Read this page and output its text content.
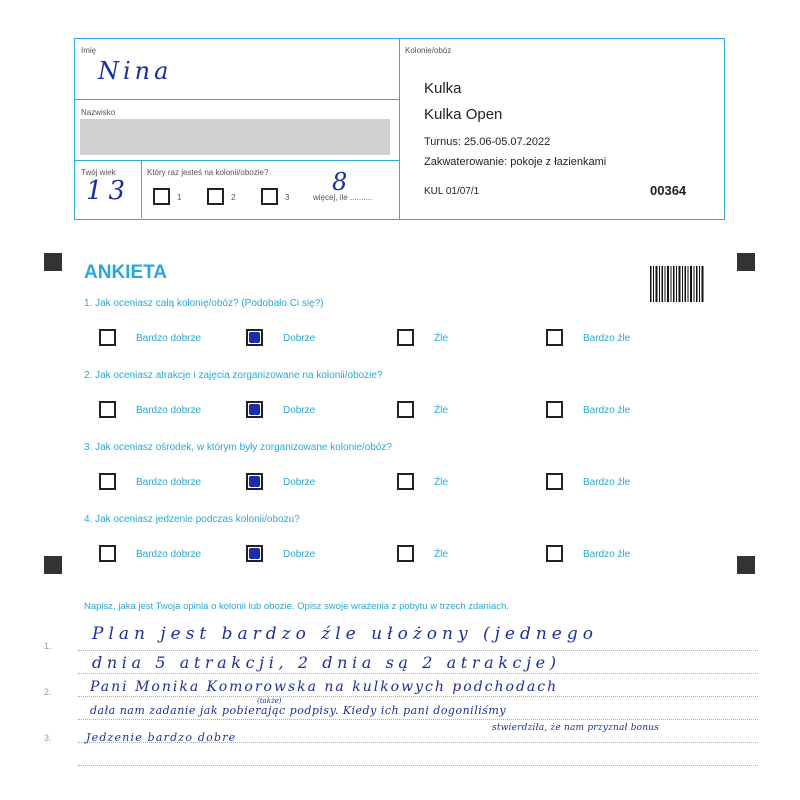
Imię
Nina
Nazwisko
Twój wiek
13
Który raz jesteś na kolonii/obozie?
1	2	3	więcej, ile ..........
8
Kolonie/obóz
Kulka
Kulka Open
Turnus: 25.06-05.07.2022
Zakwaterowanie: pokoje z łazienkami
KUL 01/07/1	00364
ANKIETA
1. Jak oceniasz całą kolonię/obóz? (Podobało Ci się?)
Bardzo dobrze	Dobrze	Źle	Bardzo źle
2. Jak oceniasz atrakcje i zajęcia zorganizowane na kolonii/obozie?
Bardzo dobrze	Dobrze	Źle	Bardzo źle
3. Jak oceniasz ośrodek, w którym były zorganizowane kolonie/obóz?
Bardzo dobrze	Dobrze	Źle	Bardzo źle
4. Jak oceniasz jedzenie podczas kolonii/obozu?
Bardzo dobrze	Dobrze	Źle	Bardzo źle
Napisz, jaka jest Twoja opinia o kolonii lub obozie. Opisz swoje wrażenia z pobytu w trzech zdaniach.
1.
2.
3.
Plan jest bardzo źle ułożony (jednego
dnia 5 atrakcji, 2 dnia są 2 atrakcje)
Pani Monika Komorowska na kulkowych podchodach
dała nam zadanie jak pobierając podpisy. Kiedy ich pani dogoniliśmy
(także)
stwierdziła, że nam przyznał bonus
Jedzenie bardzo dobre
